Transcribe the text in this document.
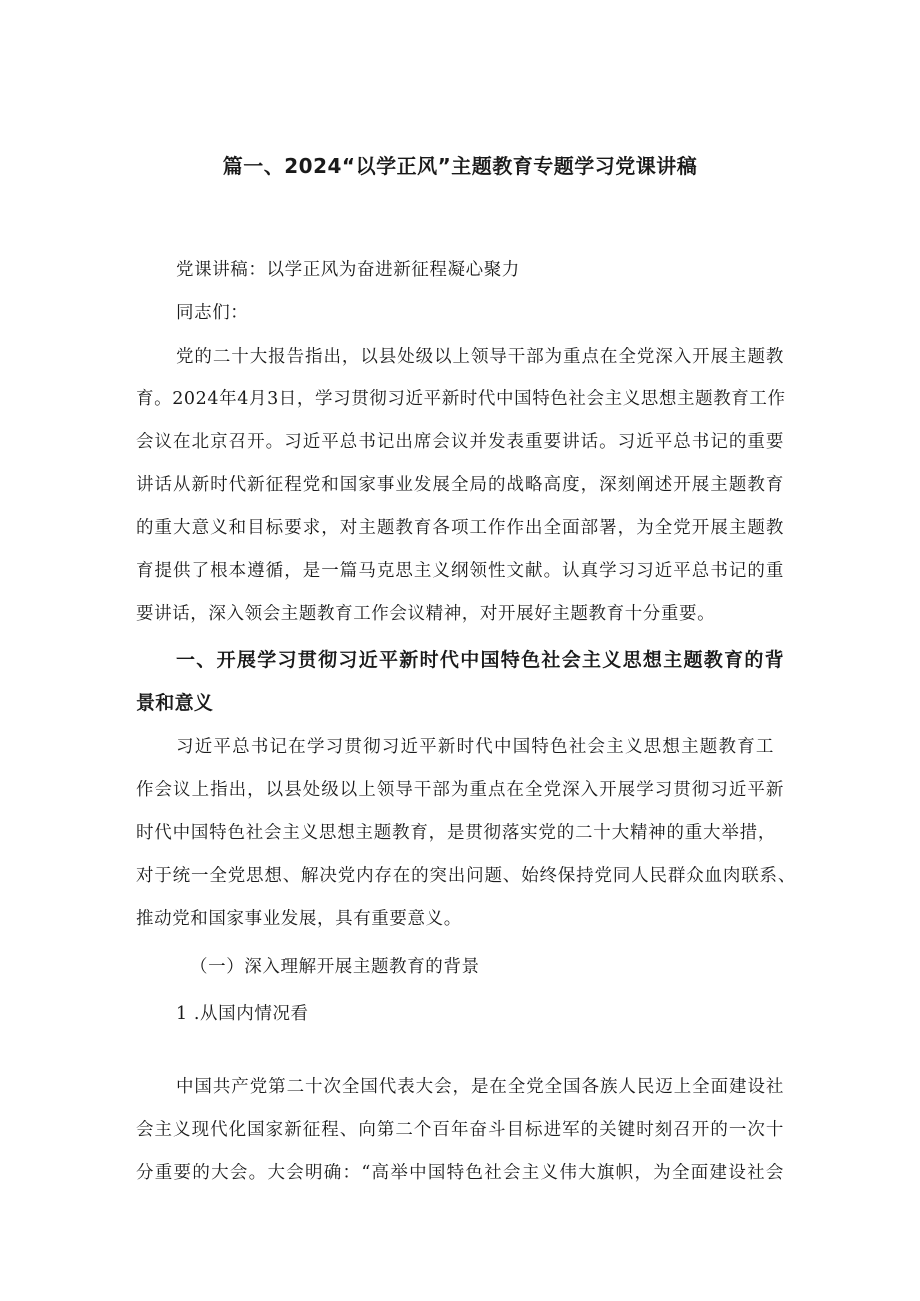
篇一、2024“以学正风”主题教育专题学习党课讲稿
党课讲稿：以学正风为奋进新征程凝心聚力
同志们：
党的二十大报告指出，以县处级以上领导干部为重点在全党深入开展主题教
育。2024年4月3日，学习贯彻习近平新时代中国特色社会主义思想主题教育工作
会议在北京召开。习近平总书记出席会议并发表重要讲话。习近平总书记的重要
讲话从新时代新征程党和国家事业发展全局的战略高度，深刻阐述开展主题教育
的重大意义和目标要求，对主题教育各项工作作出全面部署，为全党开展主题教
育提供了根本遵循，是一篇马克思主义纲领性文献。认真学习习近平总书记的重
要讲话，深入领会主题教育工作会议精神，对开展好主题教育十分重要。
一、开展学习贯彻习近平新时代中国特色社会主义思想主题教育的背
景和意义
习近平总书记在学习贯彻习近平新时代中国特色社会主义思想主题教育工
作会议上指出，以县处级以上领导干部为重点在全党深入开展学习贯彻习近平新
时代中国特色社会主义思想主题教育，是贯彻落实党的二十大精神的重大举措，
对于统一全党思想、解决党内存在的突出问题、始终保持党同人民群众血肉联系、
推动党和国家事业发展，具有重要意义。
（一）深入理解开展主题教育的背景
1 .从国内情况看
中国共产党第二十次全国代表大会，是在全党全国各族人民迈上全面建设社
会主义现代化国家新征程、向第二个百年奋斗目标进军的关键时刻召开的一次十
分重要的大会。大会明确：“高举中国特色社会主义伟大旗帜，为全面建设社会
